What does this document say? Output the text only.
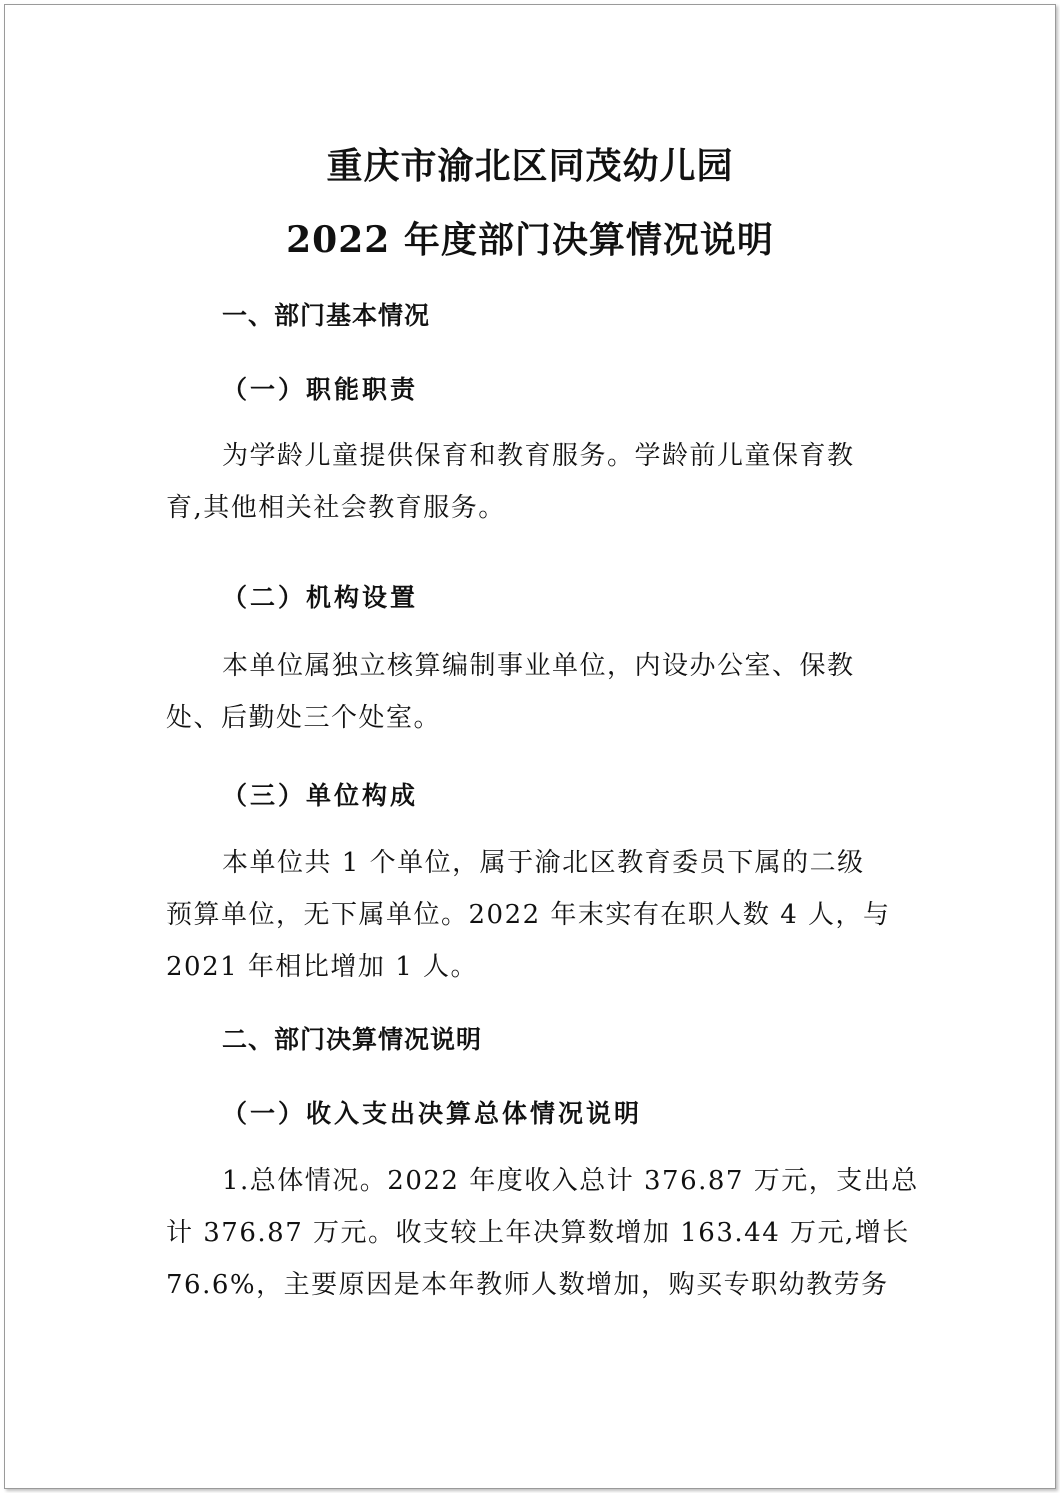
重庆市渝北区同茂幼儿园
2022 年度部门决算情况说明
一、部门基本情况
（一）职能职责
为学龄儿童提供保育和教育服务。学龄前儿童保育教
育,其他相关社会教育服务。
（二）机构设置
本单位属独立核算编制事业单位，内设办公室、保教
处、后勤处三个处室。
（三）单位构成
本单位共 1 个单位，属于渝北区教育委员下属的二级
预算单位，无下属单位。2022 年末实有在职人数 4 人，与
2021 年相比增加 1 人。
二、部门决算情况说明
（一）收入支出决算总体情况说明
1.总体情况。2022 年度收入总计 376.87 万元，支出总
计 376.87 万元。收支较上年决算数增加 163.44 万元,增长
76.6%，主要原因是本年教师人数增加，购买专职幼教劳务
